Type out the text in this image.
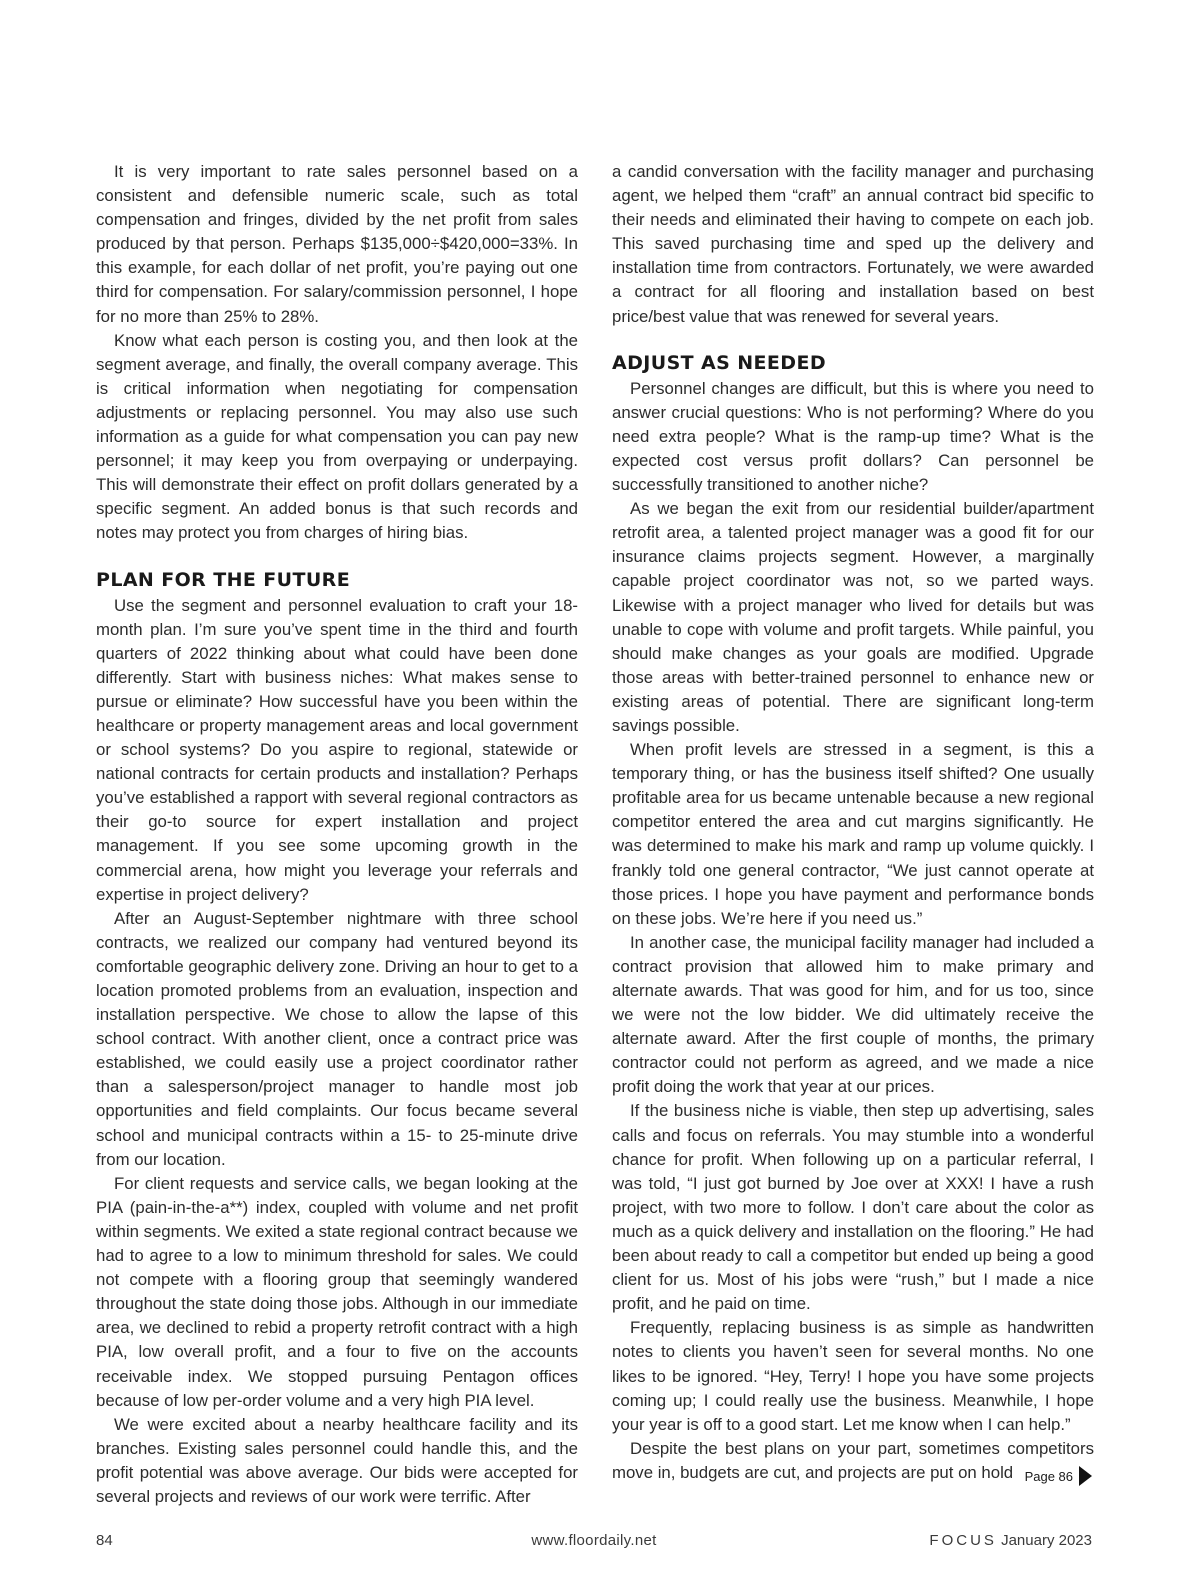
It is very important to rate sales personnel based on a consistent and defensible numeric scale, such as total compensation and fringes, divided by the net profit from sales produced by that person. Perhaps $135,000÷$420,000=33%. In this example, for each dollar of net profit, you’re paying out one third for compensation. For salary/commission personnel, I hope for no more than 25% to 28%.

Know what each person is costing you, and then look at the segment average, and finally, the overall company average. This is critical information when negotiating for compensation adjustments or replacing personnel. You may also use such information as a guide for what compensation you can pay new personnel; it may keep you from overpaying or underpaying. This will demonstrate their effect on profit dollars generated by a specific segment. An added bonus is that such records and notes may protect you from charges of hiring bias.

PLAN FOR THE FUTURE

Use the segment and personnel evaluation to craft your 18-month plan. I’m sure you’ve spent time in the third and fourth quarters of 2022 thinking about what could have been done differently. Start with business niches: What makes sense to pursue or eliminate? How successful have you been within the healthcare or property management areas and local government or school systems? Do you aspire to regional, statewide or national contracts for certain products and installation? Perhaps you’ve established a rapport with several regional contractors as their go-to source for expert installation and project management. If you see some upcoming growth in the commercial arena, how might you leverage your referrals and expertise in project delivery?

After an August-September nightmare with three school contracts, we realized our company had ventured beyond its comfortable geographic delivery zone. Driving an hour to get to a location promoted problems from an evaluation, inspection and installation perspective. We chose to allow the lapse of this school contract. With another client, once a contract price was established, we could easily use a project coordinator rather than a salesperson/project manager to handle most job opportunities and field complaints. Our focus became several school and municipal contracts within a 15- to 25-minute drive from our location.

For client requests and service calls, we began looking at the PIA (pain-in-the-a**) index, coupled with volume and net profit within segments. We exited a state regional contract because we had to agree to a low to minimum threshold for sales. We could not compete with a flooring group that seemingly wandered throughout the state doing those jobs. Although in our immediate area, we declined to rebid a property retrofit contract with a high PIA, low overall profit, and a four to five on the accounts receivable index. We stopped pursuing Pentagon offices because of low per-order volume and a very high PIA level.

We were excited about a nearby healthcare facility and its branches. Existing sales personnel could handle this, and the profit potential was above average. Our bids were accepted for several projects and reviews of our work were terrific. After

a candid conversation with the facility manager and purchasing agent, we helped them “craft” an annual contract bid specific to their needs and eliminated their having to compete on each job. This saved purchasing time and sped up the delivery and installation time from contractors. Fortunately, we were awarded a contract for all flooring and installation based on best price/best value that was renewed for several years.

ADJUST AS NEEDED

Personnel changes are difficult, but this is where you need to answer crucial questions: Who is not performing? Where do you need extra people? What is the ramp-up time? What is the expected cost versus profit dollars? Can personnel be successfully transitioned to another niche?

As we began the exit from our residential builder/apartment retrofit area, a talented project manager was a good fit for our insurance claims projects segment. However, a marginally capable project coordinator was not, so we parted ways. Likewise with a project manager who lived for details but was unable to cope with volume and profit targets. While painful, you should make changes as your goals are modified. Upgrade those areas with better-trained personnel to enhance new or existing areas of potential. There are significant long-term savings possible.

When profit levels are stressed in a segment, is this a temporary thing, or has the business itself shifted? One usually profitable area for us became untenable because a new regional competitor entered the area and cut margins significantly. He was determined to make his mark and ramp up volume quickly. I frankly told one general contractor, “We just cannot operate at those prices. I hope you have payment and performance bonds on these jobs. We’re here if you need us.”

In another case, the municipal facility manager had included a contract provision that allowed him to make primary and alternate awards. That was good for him, and for us too, since we were not the low bidder. We did ultimately receive the alternate award. After the first couple of months, the primary contractor could not perform as agreed, and we made a nice profit doing the work that year at our prices.

If the business niche is viable, then step up advertising, sales calls and focus on referrals. You may stumble into a wonderful chance for profit. When following up on a particular referral, I was told, “I just got burned by Joe over at XXX! I have a rush project, with two more to follow. I don’t care about the color as much as a quick delivery and installation on the flooring.” He had been about ready to call a competitor but ended up being a good client for us. Most of his jobs were “rush,” but I made a nice profit, and he paid on time.

Frequently, replacing business is as simple as handwritten notes to clients you haven’t seen for several months. No one likes to be ignored. “Hey, Terry! I hope you have some projects coming up; I could really use the business. Meanwhile, I hope your year is off to a good start. Let me know when I can help.”

Despite the best plans on your part, sometimes competitors move in, budgets are cut, and projects are put on hold Page 86
84	www.floordaily.net	FOCUS January 2023
